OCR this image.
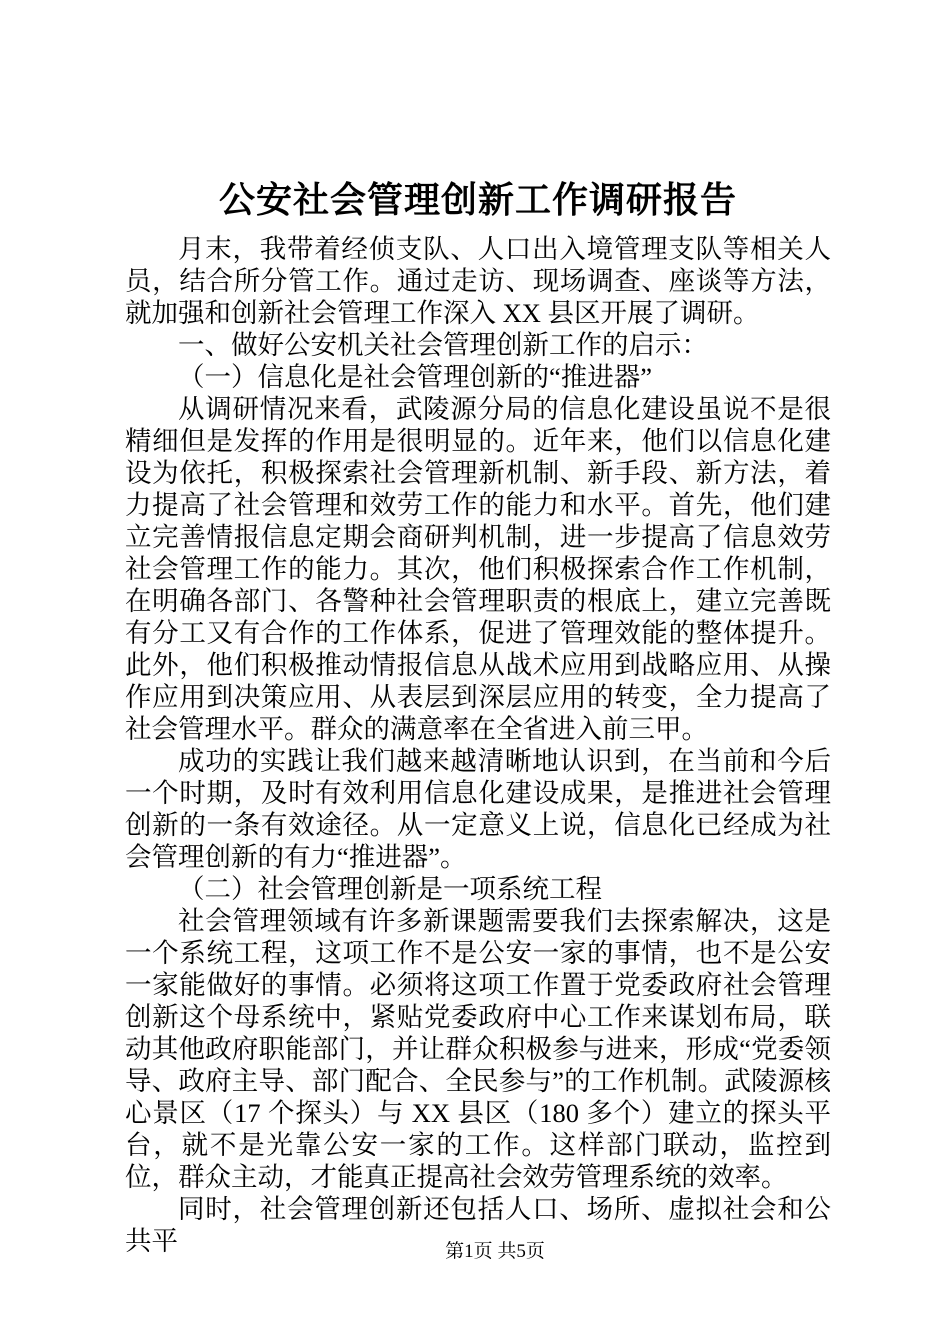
公安社会管理创新工作调研报告

月末，我带着经侦支队、人口出入境管理支队等相关人员，结合所分管工作。通过走访、现场调查、座谈等方法，就加强和创新社会管理工作深入 XX 县区开展了调研。

一、做好公安机关社会管理创新工作的启示：

（一）信息化是社会管理创新的“推进器”

从调研情况来看，武陵源分局的信息化建设虽说不是很精细但是发挥的作用是很明显的。近年来，他们以信息化建设为依托，积极探索社会管理新机制、新手段、新方法，着力提高了社会管理和效劳工作的能力和水平。首先，他们建立完善情报信息定期会商研判机制，进一步提高了信息效劳社会管理工作的能力。其次，他们积极探索合作工作机制，在明确各部门、各警种社会管理职责的根底上，建立完善既有分工又有合作的工作体系，促进了管理效能的整体提升。此外，他们积极推动情报信息从战术应用到战略应用、从操作应用到决策应用、从表层到深层应用的转变，全力提高了社会管理水平。群众的满意率在全省进入前三甲。

成功的实践让我们越来越清晰地认识到，在当前和今后一个时期，及时有效利用信息化建设成果，是推进社会管理创新的一条有效途径。从一定意义上说，信息化已经成为社会管理创新的有力“推进器”。

（二）社会管理创新是一项系统工程

社会管理领域有许多新课题需要我们去探索解决，这是一个系统工程，这项工作不是公安一家的事情，也不是公安一家能做好的事情。必须将这项工作置于党委政府社会管理创新这个母系统中，紧贴党委政府中心工作来谋划布局，联动其他政府职能部门，并让群众积极参与进来，形成“党委领导、政府主导、部门配合、全民参与”的工作机制。武陵源核心景区（17 个探头）与 XX 县区（180 多个）建立的探头平台，就不是光靠公安一家的工作。这样部门联动，监控到位，群众主动，才能真正提高社会效劳管理系统的效率。

同时，社会管理创新还包括人口、场所、虚拟社会和公共平	第1页 共5页
